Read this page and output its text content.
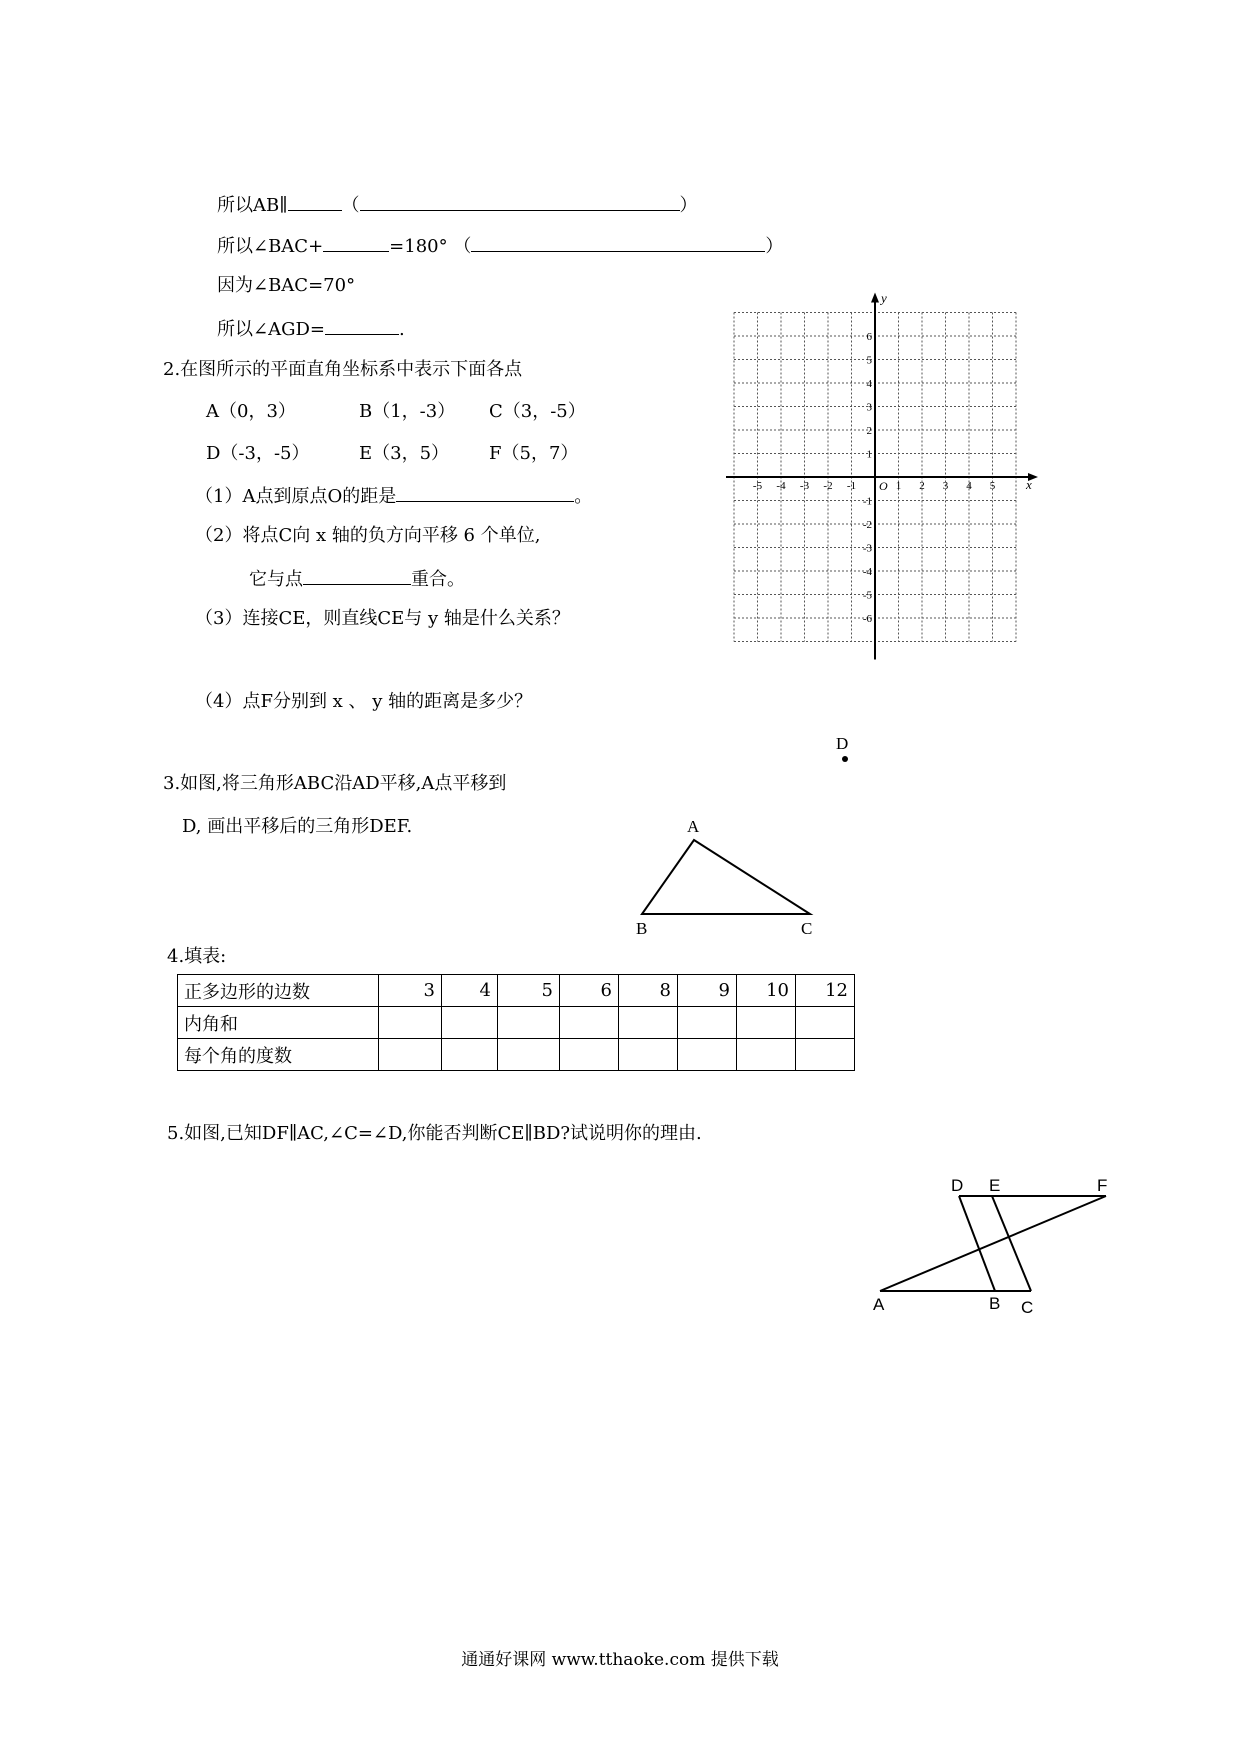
所以AB∥	（	）
所以∠BAC+	=180° （	）
因为∠BAC=70°
所以∠AGD=	.
2.在图所示的平面直角坐标系中表示下面各点
A（0，3）	B（1，-3） C（3，-5）
D（-3，-5）	E（3，5） F（5，7）
（1）A点到原点O的距是	。
（2）将点C向 x 轴的负方向平移 6 个单位,
它与点	重合。
（3）连接CE，则直线CE与 y 轴是什么关系？
（4）点F分别到 x 、 y 轴的距离是多少？
x
y
O
-5 -4 -3 -2 -1	1 2 3 4 5
6
5
4
3
2
1
-1
-2
-3
-4
-5
-6
3.如图,将三角形ABC沿AD平移,A点平移到
D, 画出平移后的三角形DEF.	A
B	C
D
4.填表:
正多边形的边数	3	4	5	6	8	9	10	12
内角和								
每个角的度数								
5.如图,已知DF∥AC,∠C=∠D,你能否判断CE∥BD?试说明你的理由.
D E	F
A	B C
通通好课网 www.tthaoke.com 提供下载
